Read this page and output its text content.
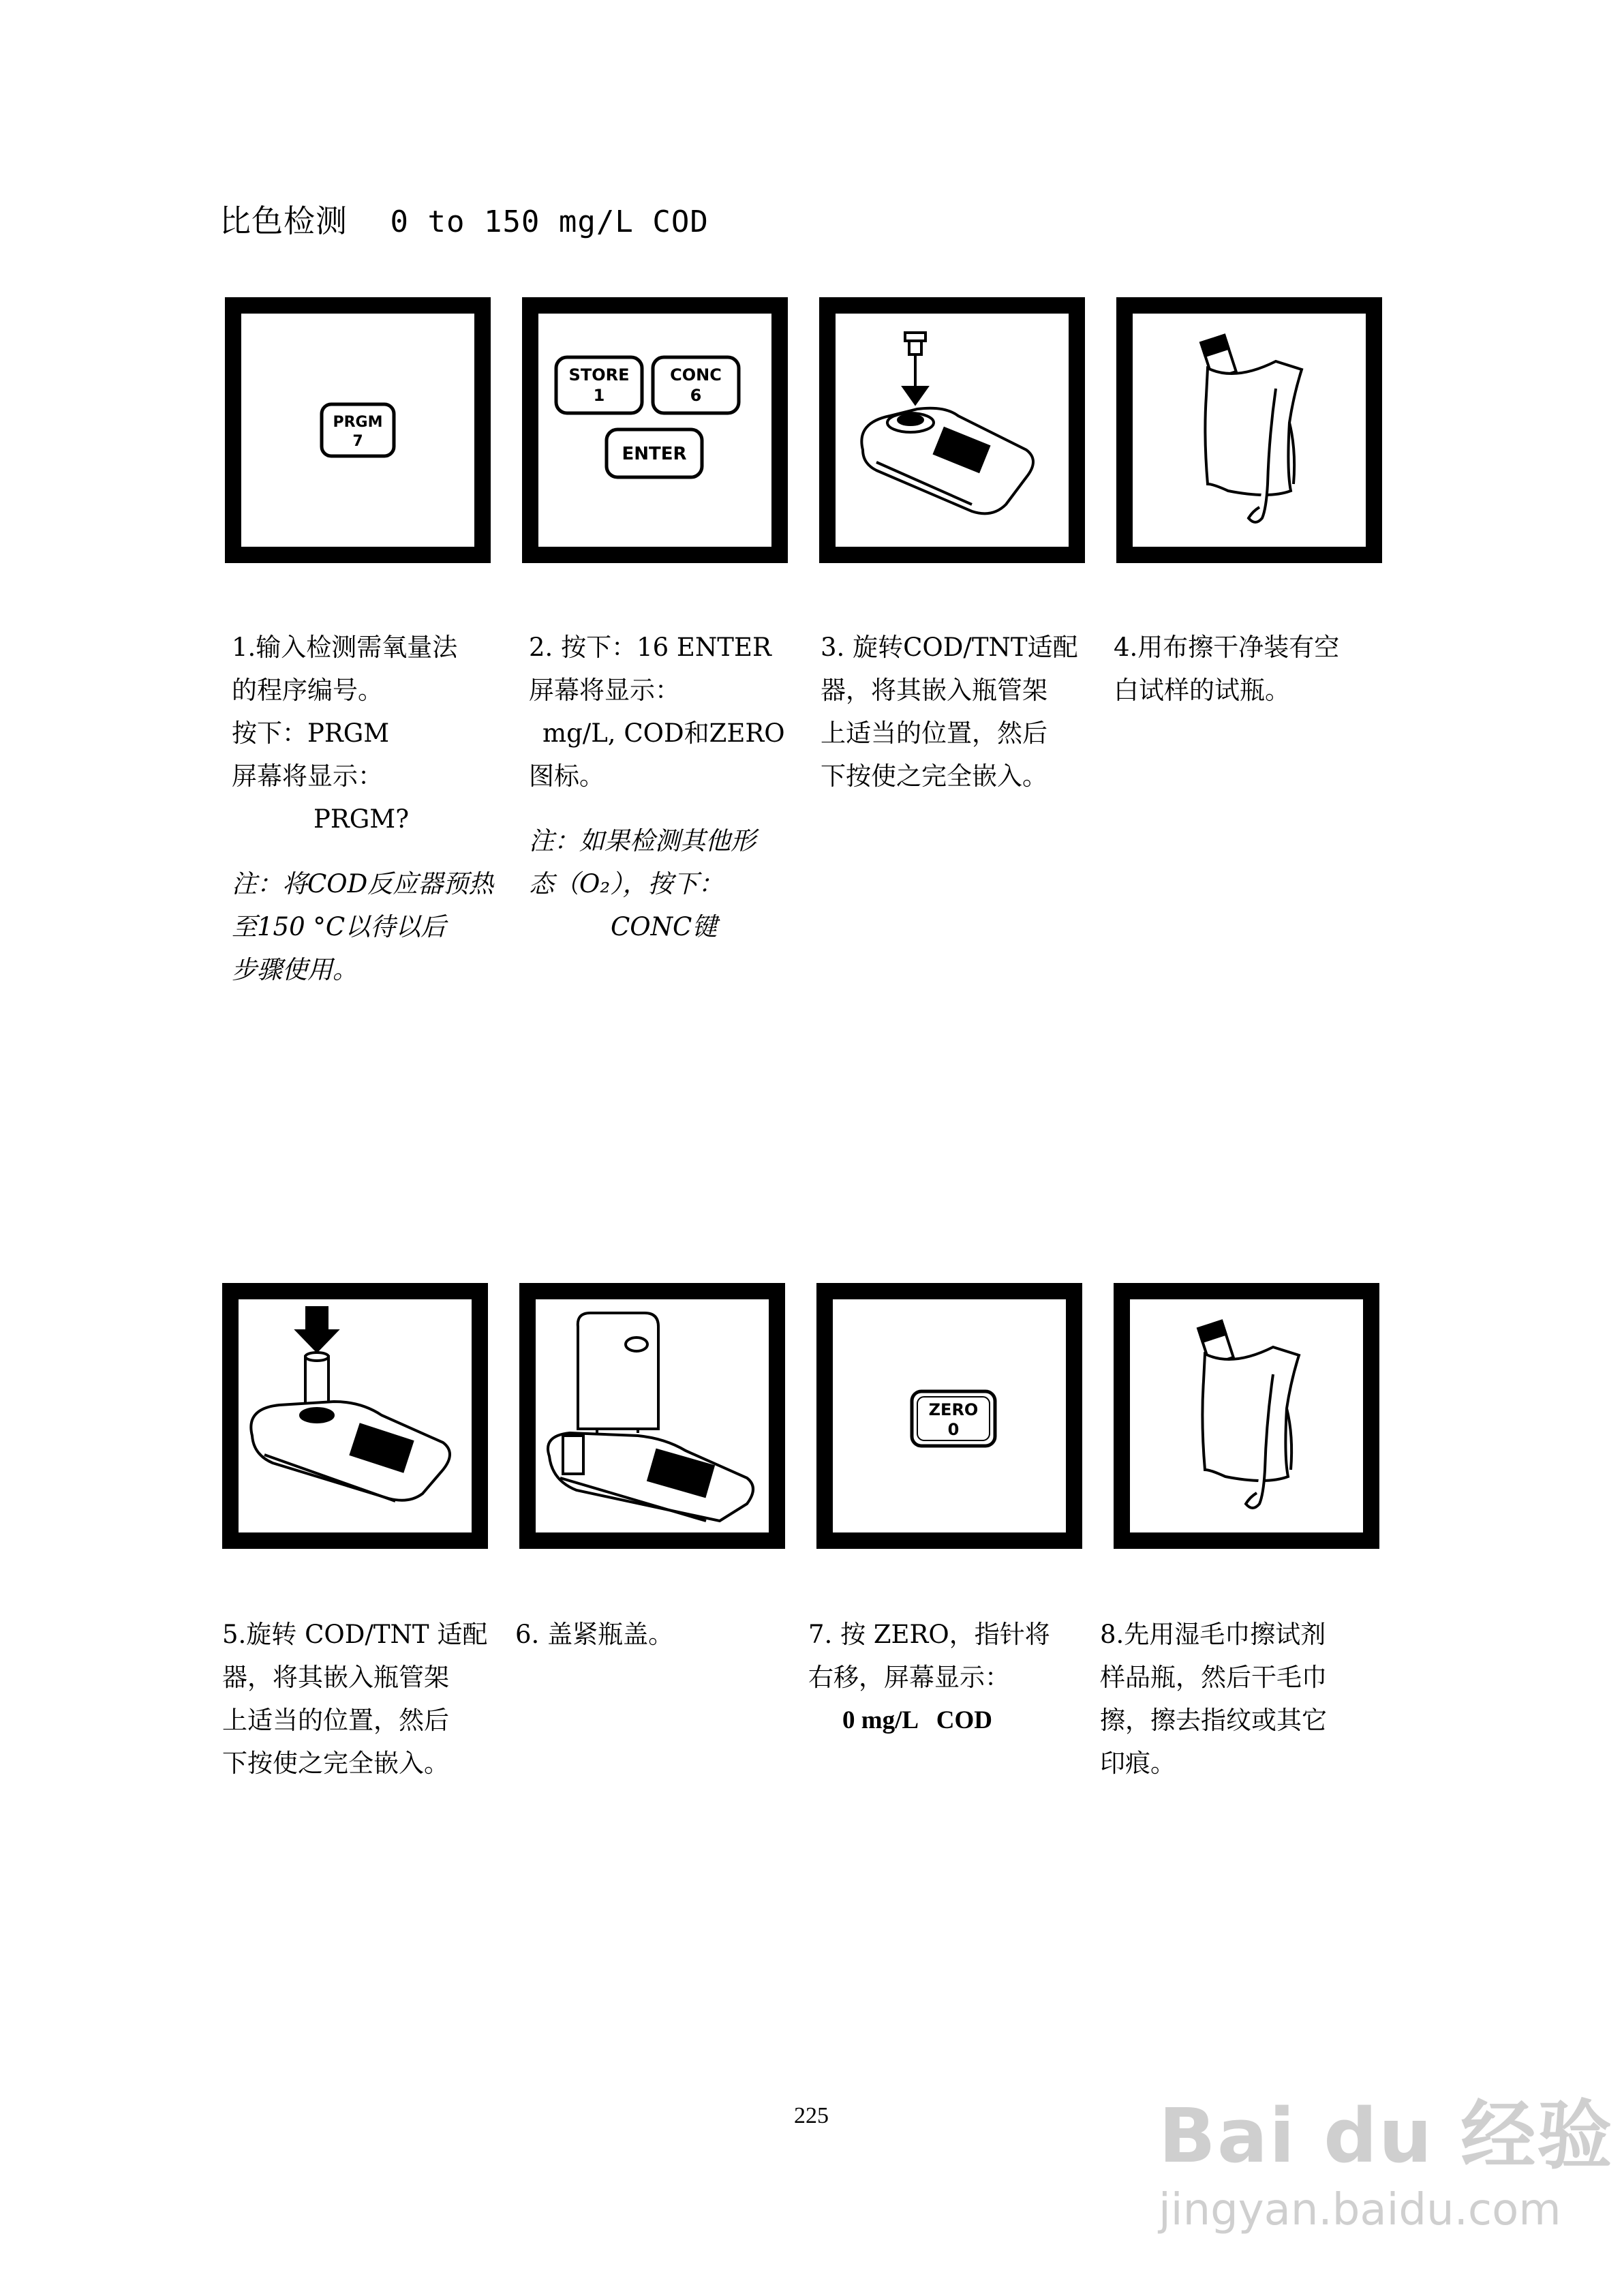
比色检测 0 to 150 mg/L COD
PRGM
7
STORE
1
CONC
6
ENTER
ZERO
0

1.输入检测需氧量法

的程序编号。

按下：PRGM

屏幕将显示：

PRGM?

注：将COD反应器预热

至150 °C以待以后

步骤使用。

2. 按下：16 ENTER

屏幕将显示：

mg/L, COD和ZERO

图标。

注：如果检测其他形

态（O₂），按下：

CONC键

3. 旋转COD/TNT适配

器，将其嵌入瓶管架

上适当的位置，然后

下按使之完全嵌入。

4.用布擦干净装有空

白试样的试瓶。

5.旋转 COD/TNT 适配

器，将其嵌入瓶管架

上适当的位置，然后

下按使之完全嵌入。

6. 盖紧瓶盖。	7. 按 ZERO，指针将

右移，屏幕显示：

0 mg/L   COD

8.先用湿毛巾擦试剂

样品瓶，然后干毛巾

擦，擦去指纹或其它

印痕。

225	Bai du 经验
jingyan.baidu.com
